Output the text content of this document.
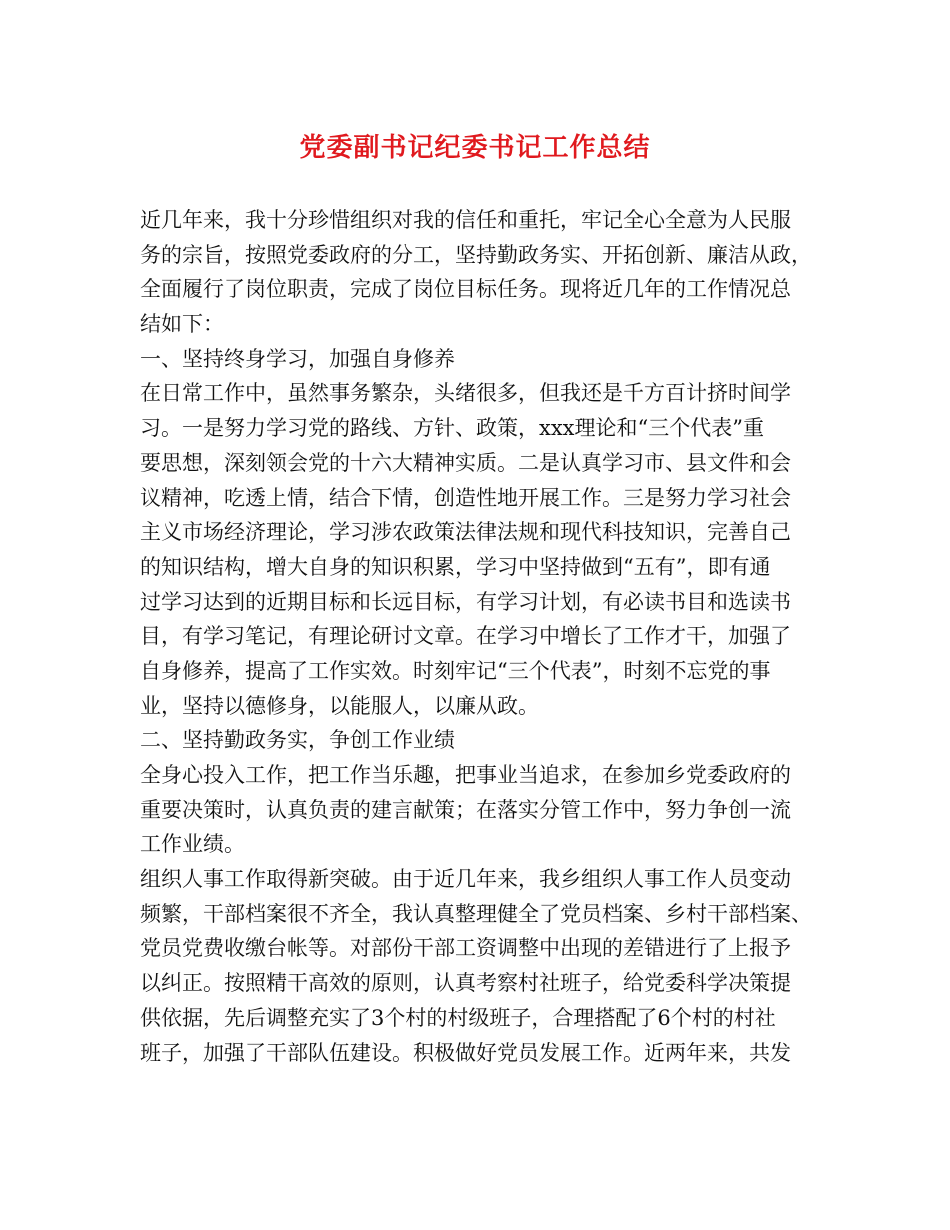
党委副书记纪委书记工作总结
近几年来，我十分珍惜组织对我的信任和重托，牢记全心全意为人民服
务的宗旨，按照党委政府的分工，坚持勤政务实、开拓创新、廉洁从政，
全面履行了岗位职责，完成了岗位目标任务。现将近几年的工作情况总
结如下：
一、坚持终身学习，加强自身修养
在日常工作中，虽然事务繁杂，头绪很多，但我还是千方百计挤时间学
习。一是努力学习党的路线、方针、政策，xxx理论和“三个代表”重
要思想，深刻领会党的十六大精神实质。二是认真学习市、县文件和会
议精神，吃透上情，结合下情，创造性地开展工作。三是努力学习社会
主义市场经济理论，学习涉农政策法律法规和现代科技知识，完善自己
的知识结构，增大自身的知识积累，学习中坚持做到“五有”，即有通
过学习达到的近期目标和长远目标，有学习计划，有必读书目和选读书
目，有学习笔记，有理论研讨文章。在学习中增长了工作才干，加强了
自身修养，提高了工作实效。时刻牢记“三个代表”，时刻不忘党的事
业，坚持以德修身，以能服人，以廉从政。
二、坚持勤政务实，争创工作业绩
全身心投入工作，把工作当乐趣，把事业当追求，在参加乡党委政府的
重要决策时，认真负责的建言献策；在落实分管工作中，努力争创一流
工作业绩。
组织人事工作取得新突破。由于近几年来，我乡组织人事工作人员变动
频繁，干部档案很不齐全，我认真整理健全了党员档案、乡村干部档案、
党员党费收缴台帐等。对部份干部工资调整中出现的差错进行了上报予
以纠正。按照精干高效的原则，认真考察村社班子，给党委科学决策提
供依据，先后调整充实了3个村的村级班子，合理搭配了6个村的村社
班子，加强了干部队伍建设。积极做好党员发展工作。近两年来，共发
